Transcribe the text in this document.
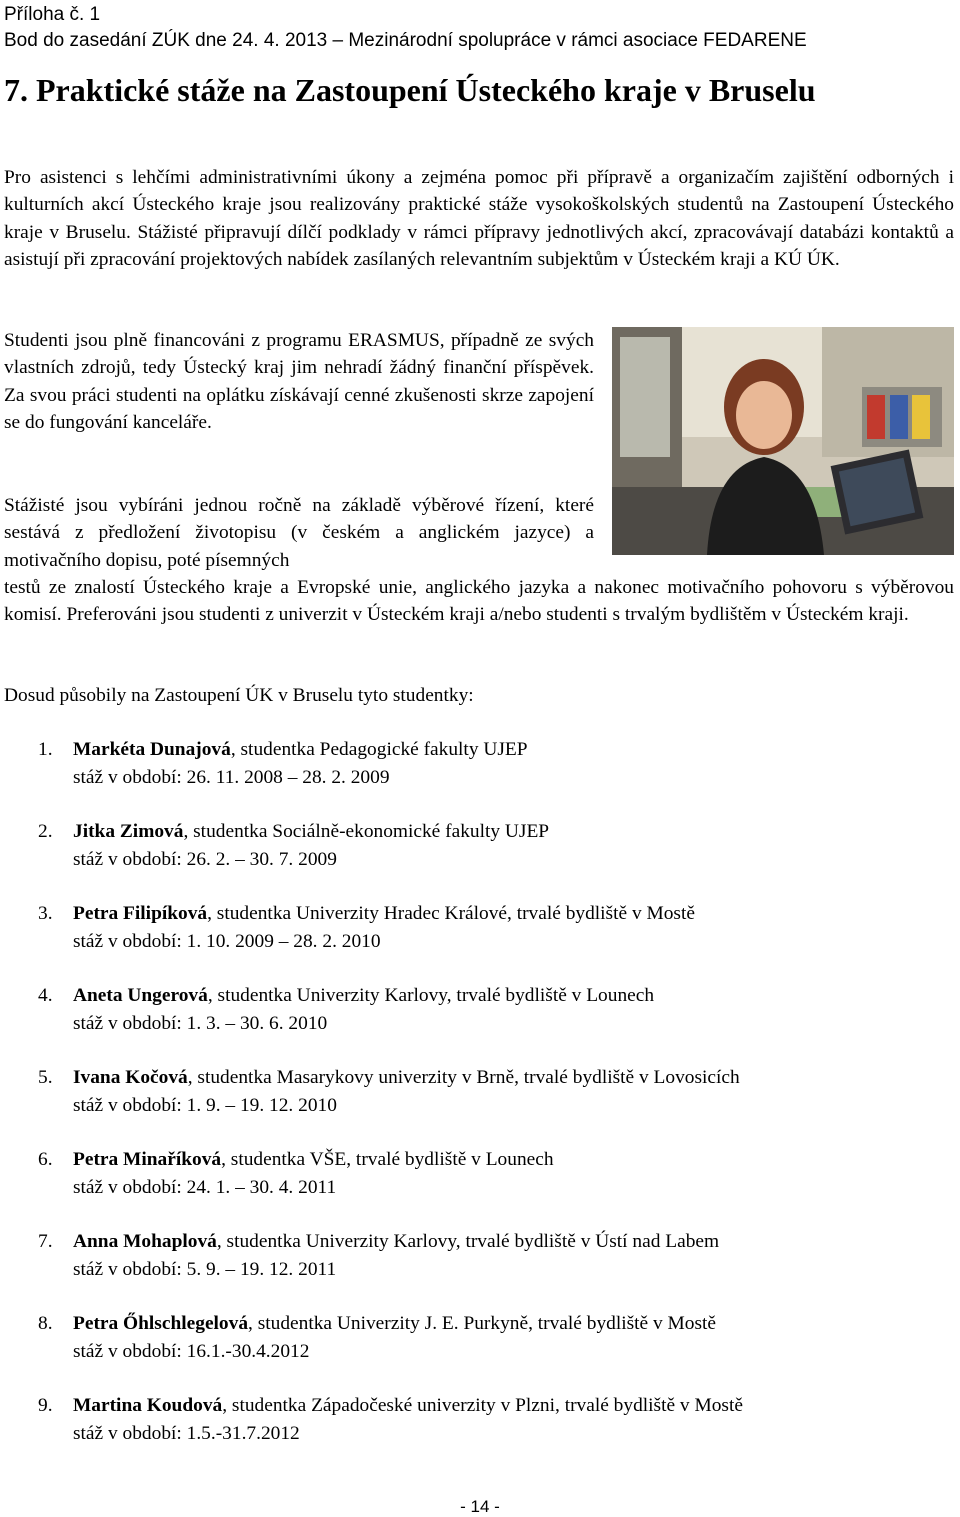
Příloha č. 1
Bod do zasedání ZÚK dne 24. 4. 2013 – Mezinárodní spolupráce v rámci asociace FEDARENE
7. Praktické stáže na Zastoupení Ústeckého kraje v Bruselu
Pro asistenci s lehčími administrativními úkony a zejména pomoc při přípravě a organizačím zajištění odborných i kulturních akcí Ústeckého kraje jsou realizovány praktické stáže vysokoškolských studentů na Zastoupení Ústeckého kraje v Bruselu. Stážisté připravují dílčí podklady v rámci přípravy jednotlivých akcí, zpracovávají databázi kontaktů a asistují při zpracování projektových nabídek zasílaných relevantním subjektům v Ústeckém kraji a KÚ ÚK.
Studenti jsou plně financováni z programu ERASMUS, případně ze svých vlastních zdrojů, tedy Ústecký kraj jim nehradí žádný finanční příspěvek. Za svou práci studenti na oplátku získávají cenné zkušenosti skrze zapojení se do fungování kanceláře.
Stážisté jsou vybíráni jednou ročně na základě výběrové řízení, které sestává z předložení životopisu (v českém a anglickém jazyce) a motivačního dopisu, poté písemných
testů ze znalostí Ústeckého kraje a Evropské unie, anglického jazyka a nakonec motivačního pohovoru s výběrovou komisí. Preferováni jsou studenti z univerzit v Ústeckém kraji a/nebo studenti s trvalým bydlištěm v Ústeckém kraji.
Dosud působily na Zastoupení ÚK v Bruselu tyto studentky:
1. Markéta Dunajová, studentka Pedagogické fakulty UJEP
stáž v období: 26. 11. 2008 – 28. 2. 2009
2. Jitka Zimová, studentka Sociálně-ekonomické fakulty UJEP
stáž v období: 26. 2. – 30. 7. 2009
3. Petra Filipíková, studentka Univerzity Hradec Králové, trvalé bydliště v Mostě
stáž v období: 1. 10. 2009 – 28. 2. 2010
4. Aneta Ungerová, studentka Univerzity Karlovy, trvalé bydliště v Lounech
stáž v období: 1. 3. – 30. 6. 2010
5. Ivana Kočová, studentka Masarykovy univerzity v Brně, trvalé bydliště v Lovosicích
stáž v období: 1. 9. – 19. 12. 2010
6. Petra Minaříková, studentka VŠE, trvalé bydliště v Lounech
stáž v období: 24. 1. – 30. 4. 2011
7. Anna Mohaplová, studentka Univerzity Karlovy, trvalé bydliště v Ústí nad Labem
stáž v období: 5. 9. – 19. 12. 2011
8. Petra Őhlschlegelová, studentka Univerzity J. E. Purkyně, trvalé bydliště v Mostě
stáž v období: 16.1.-30.4.2012
9. Martina Koudová, studentka Západočeské univerzity v Plzni, trvalé bydliště v Mostě
stáž v období: 1.5.-31.7.2012
- 14 -
